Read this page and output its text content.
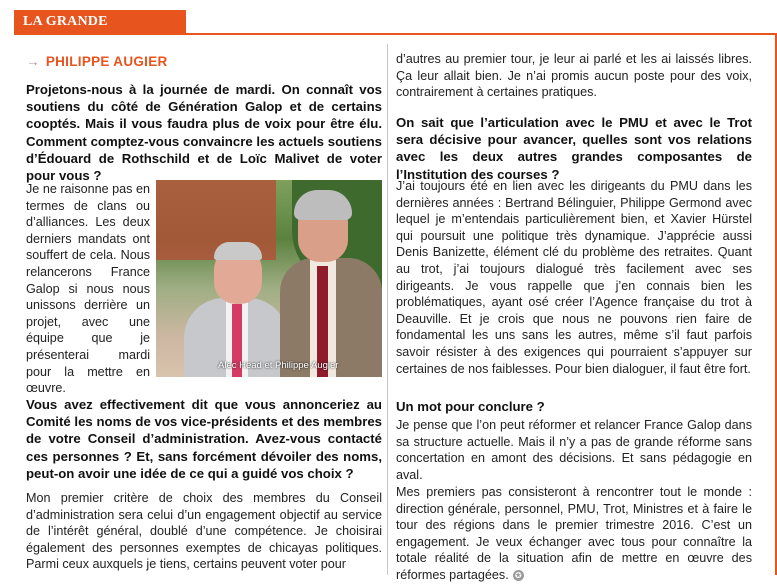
LA GRANDE INTERVIEW
→ PHILIPPE AUGIER

Projetons-nous à la journée de mardi. On connaît vos soutiens du côté de Génération Galop et de certains cooptés. Mais il vous faudra plus de voix pour être élu. Comment comptez-vous convaincre les actuels soutiens d’Édouard de Rothschild et de Loïc Malivet de voter pour vous ?

Je ne raisonne pas en termes de clans ou d’alliances. Les deux derniers mandats ont souffert de cela. Nous relancerons France Galop si nous nous unissons derrière un projet, avec une équipe que je présenterai mardi pour la mettre en œuvre.

Alec Head et Philippe Augier

Vous avez effectivement dit que vous annonceriez au Comité les noms de vos vice-présidents et des membres de votre Conseil d’administration. Avez-vous contacté ces personnes ? Et, sans forcément dévoiler des noms, peut-on avoir une idée de ce qui a guidé vos choix ?

Mon premier critère de choix des membres du Conseil d’administration sera celui d’un engagement objectif au service de l’intérêt général, doublé d’une compétence. Je choisirai également des personnes exemptes de chicayas politiques. Parmi ceux auxquels je tiens, certains peuvent voter pour

d’autres au premier tour, je leur ai parlé et les ai laissés libres. Ça leur allait bien. Je n’ai promis aucun poste pour des voix, contrairement à certaines pratiques.

On sait que l’articulation avec le PMU et avec le Trot sera décisive pour avancer, quelles sont vos relations avec les deux autres grandes composantes de l’Institution des courses ?

J’ai toujours été en lien avec les dirigeants du PMU dans les dernières années : Bertrand Bélinguier, Philippe Germond avec lequel je m’entendais particulièrement bien, et Xavier Hürstel qui poursuit une politique très dynamique. J’apprécie aussi Denis Banizette, élément clé du problème des retraites. Quant au trot, j’ai toujours dialogué très facilement avec ses dirigeants. Je vous rappelle que j’en connais bien les problématiques, ayant osé créer l’Agence française du trot à Deauville. Et je crois que nous ne pouvons rien faire de fondamental les uns sans les autres, même s’il faut parfois savoir résister à des exigences qui pourraient s’appuyer sur certaines de nos faiblesses. Pour bien dialoguer, il faut être fort.

Un mot pour conclure ?

Je pense que l’on peut réformer et relancer France Galop dans sa structure actuelle. Mais il n’y a pas de grande réforme sans concertation en amont des décisions. Et sans pédagogie en aval.

Mes premiers pas consisteront à rencontrer tout le monde : direction générale, personnel, PMU, Trot, Ministres et à faire le tour des régions dans le premier trimestre 2016. C’est un engagement. Je veux échanger avec tous pour connaître la totale réalité de la situation afin de mettre en œuvre des réformes partagées. ✪
